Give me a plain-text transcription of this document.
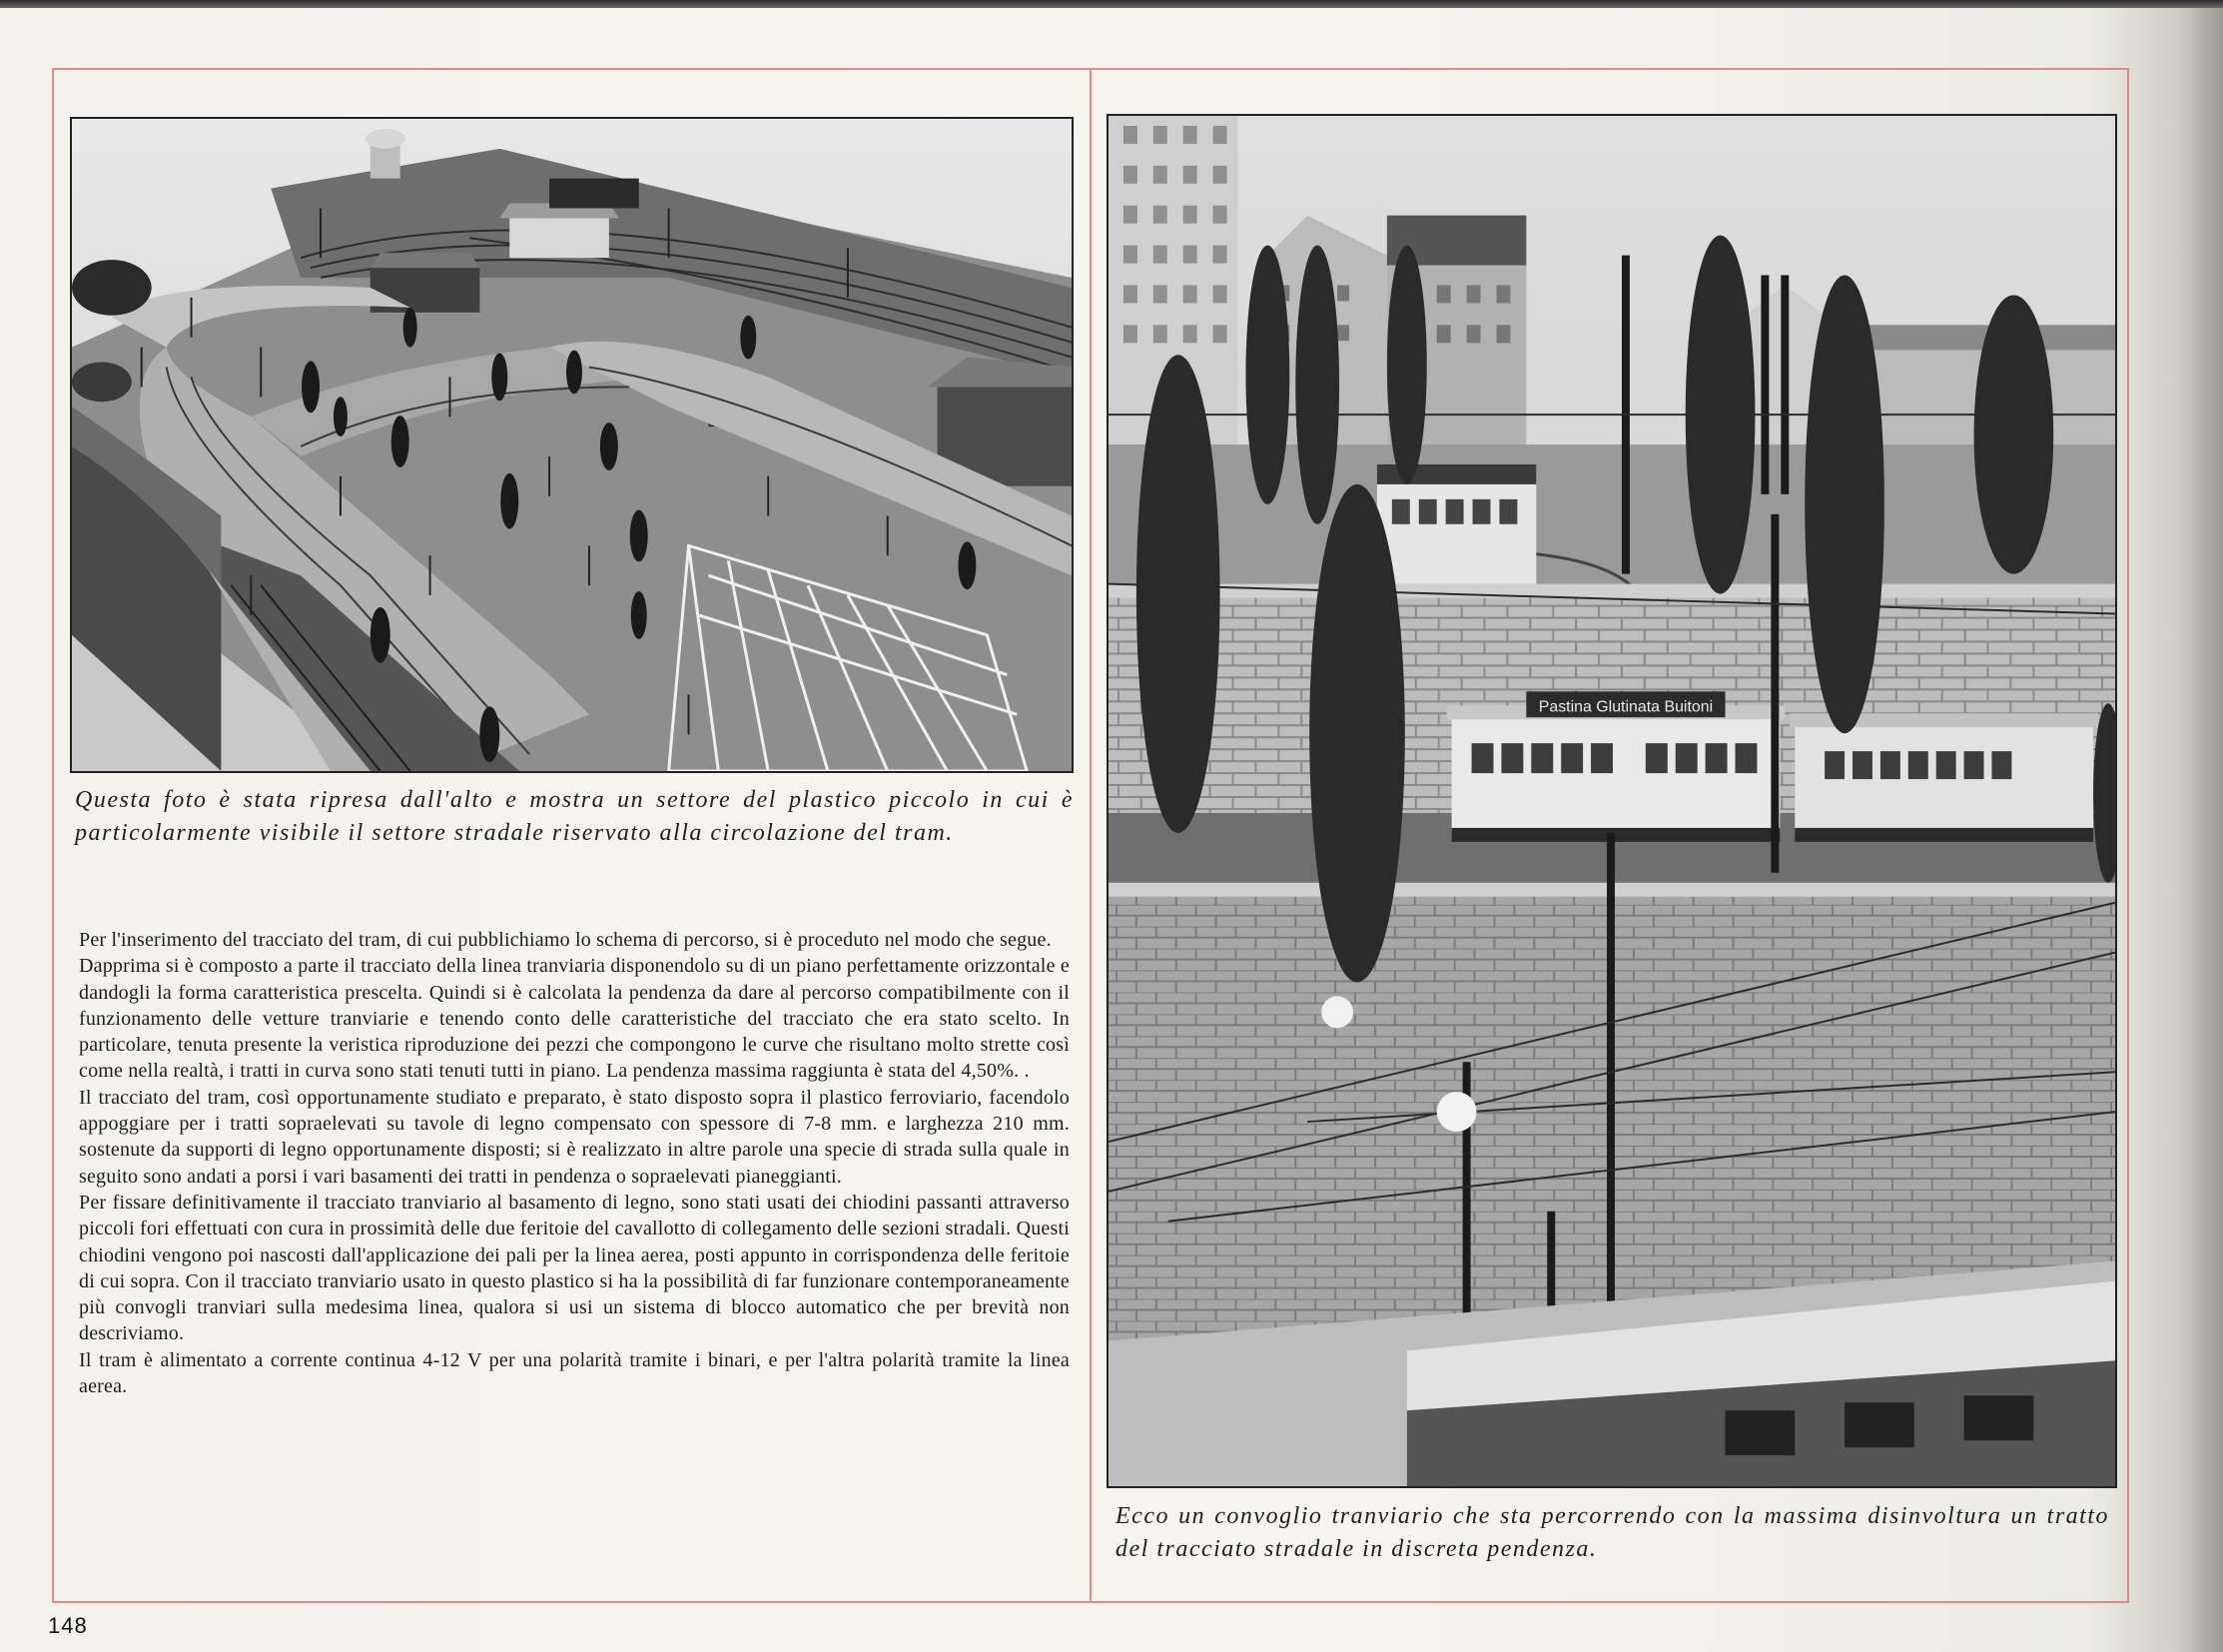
Questa foto è stata ripresa dall'alto e mostra un settore del plastico piccolo in cui è particolarmente visibile il settore stradale riservato alla circolazione del tram.

Per l'inserimento del tracciato del tram, di cui pubblichiamo lo schema di percorso, si è proceduto nel modo che segue.

Dapprima si è composto a parte il tracciato della linea tranviaria disponendolo su di un piano perfettamente orizzontale e dandogli la forma caratteristica prescelta. Quindi si è calcolata la pendenza da dare al percorso compatibilmente con il funzionamento delle vetture tranviarie e tenendo conto delle caratteristiche del tracciato che era stato scelto. In particolare, tenuta presente la veristica riproduzione dei pezzi che compongono le curve che risultano molto strette così come nella realtà, i tratti in curva sono stati tenuti tutti in piano. La pendenza massima raggiunta è stata del 4,50%. .

Il tracciato del tram, così opportunamente studiato e preparato, è stato disposto sopra il plastico ferroviario, facendolo appoggiare per i tratti sopraelevati su tavole di legno compensato con spessore di 7-8 mm. e larghezza 210 mm. sostenute da supporti di legno opportunamente disposti; si è realizzato in altre parole una specie di strada sulla quale in seguito sono andati a porsi i vari basamenti dei tratti in pendenza o sopraelevati pianeggianti.

Per fissare definitivamente il tracciato tranviario al basamento di legno, sono stati usati dei chiodini passanti attraverso piccoli fori effettuati con cura in prossimità delle due feritoie del cavallotto di collegamento delle sezioni stradali. Questi chiodini vengono poi nascosti dall'applicazione dei pali per la linea aerea, posti appunto in corrispondenza delle feritoie di cui sopra. Con il tracciato tranviario usato in questo plastico si ha la possibilità di far funzionare contemporaneamente più convogli tranviari sulla medesima linea, qualora si usi un sistema di blocco automatico che per brevità non descriviamo.

Il tram è alimentato a corrente continua 4-12 V per una polarità tramite i binari, e per l'altra polarità tramite la linea aerea.

Pastina Glutinata Buitoni
Ecco un convoglio tranviario che sta percorrendo con la massima disinvoltura un tratto del tracciato stradale in discreta pendenza.
148
